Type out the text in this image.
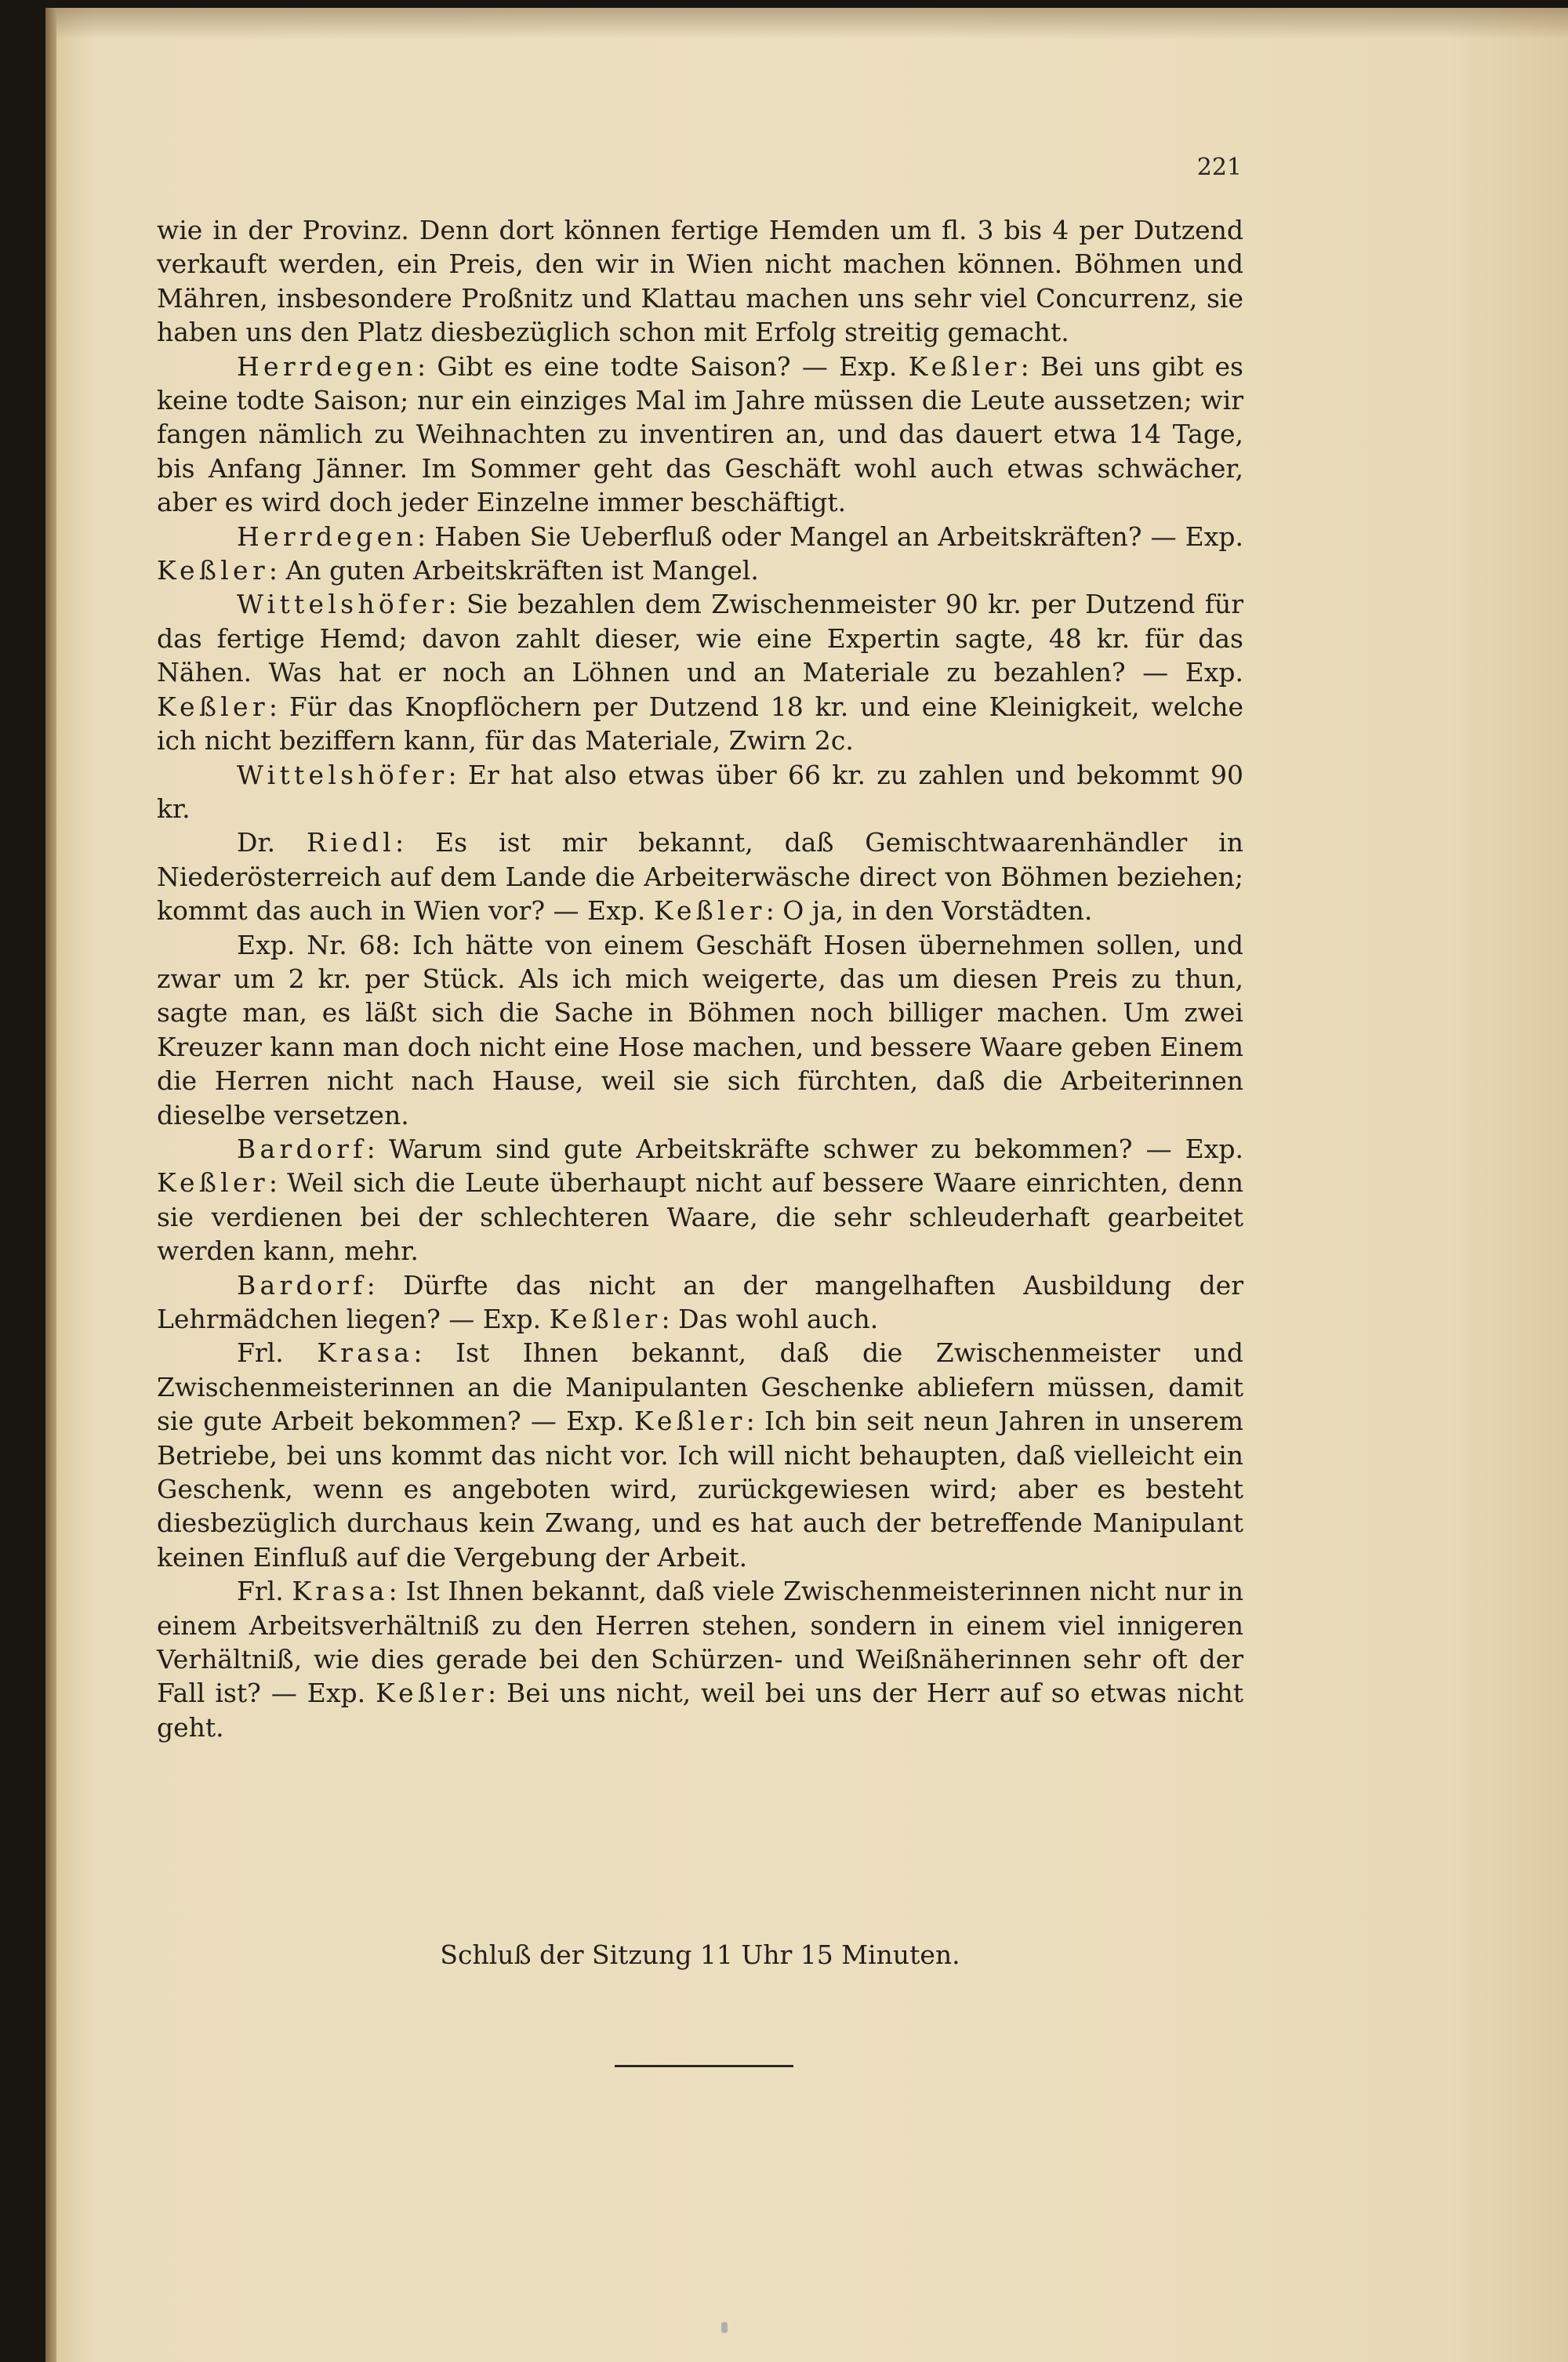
221

wie in der Provinz. Denn dort können fertige Hemden um fl. 3 bis 4 per Dutzend verkauft werden, ein Preis, den wir in Wien nicht machen können. Böhmen und Mähren, insbesondere Proßnitz und Klattau machen uns sehr viel Concurrenz, sie haben uns den Platz diesbezüglich schon mit Erfolg streitig gemacht.

Herrdegen: Gibt es eine todte Saison? — Exp. Keßler: Bei uns gibt es keine todte Saison; nur ein einziges Mal im Jahre müssen die Leute aussetzen; wir fangen nämlich zu Weihnachten zu inventiren an, und das dauert etwa 14 Tage, bis Anfang Jänner. Im Sommer geht das Geschäft wohl auch etwas schwächer, aber es wird doch jeder Einzelne immer beschäftigt.

Herrdegen: Haben Sie Ueberfluß oder Mangel an Arbeitskräften? — Exp. Keßler: An guten Arbeitskräften ist Mangel.

Wittelshöfer: Sie bezahlen dem Zwischenmeister 90 kr. per Dutzend für das fertige Hemd; davon zahlt dieser, wie eine Expertin sagte, 48 kr. für das Nähen. Was hat er noch an Löhnen und an Materiale zu bezahlen? — Exp. Keßler: Für das Knopflöchern per Dutzend 18 kr. und eine Kleinigkeit, welche ich nicht beziffern kann, für das Materiale, Zwirn 2c.

Wittelshöfer: Er hat also etwas über 66 kr. zu zahlen und bekommt 90 kr.

Dr. Riedl: Es ist mir bekannt, daß Gemischtwaarenhändler in Niederösterreich auf dem Lande die Arbeiterwäsche direct von Böhmen beziehen; kommt das auch in Wien vor? — Exp. Keßler: O ja, in den Vorstädten.

Exp. Nr. 68: Ich hätte von einem Geschäft Hosen übernehmen sollen, und zwar um 2 kr. per Stück. Als ich mich weigerte, das um diesen Preis zu thun, sagte man, es läßt sich die Sache in Böhmen noch billiger machen. Um zwei Kreuzer kann man doch nicht eine Hose machen, und bessere Waare geben Einem die Herren nicht nach Hause, weil sie sich fürchten, daß die Arbeiterinnen dieselbe versetzen.

Bardorf: Warum sind gute Arbeitskräfte schwer zu bekommen? — Exp. Keßler: Weil sich die Leute überhaupt nicht auf bessere Waare einrichten, denn sie verdienen bei der schlechteren Waare, die sehr schleuderhaft gearbeitet werden kann, mehr.

Bardorf: Dürfte das nicht an der mangelhaften Ausbildung der Lehrmädchen liegen? — Exp. Keßler: Das wohl auch.

Frl. Krasa: Ist Ihnen bekannt, daß die Zwischenmeister und Zwischenmeisterinnen an die Manipulanten Geschenke abliefern müssen, damit sie gute Arbeit bekommen? — Exp. Keßler: Ich bin seit neun Jahren in unserem Betriebe, bei uns kommt das nicht vor. Ich will nicht behaupten, daß vielleicht ein Geschenk, wenn es angeboten wird, zurückgewiesen wird; aber es besteht diesbezüglich durchaus kein Zwang, und es hat auch der betreffende Manipulant keinen Einfluß auf die Vergebung der Arbeit.

Frl. Krasa: Ist Ihnen bekannt, daß viele Zwischenmeisterinnen nicht nur in einem Arbeitsverhältniß zu den Herren stehen, sondern in einem viel innigeren Verhältniß, wie dies gerade bei den Schürzen- und Weißnäherinnen sehr oft der Fall ist? — Exp. Keßler: Bei uns nicht, weil bei uns der Herr auf so etwas nicht geht.

Schluß der Sitzung 11 Uhr 15 Minuten.
